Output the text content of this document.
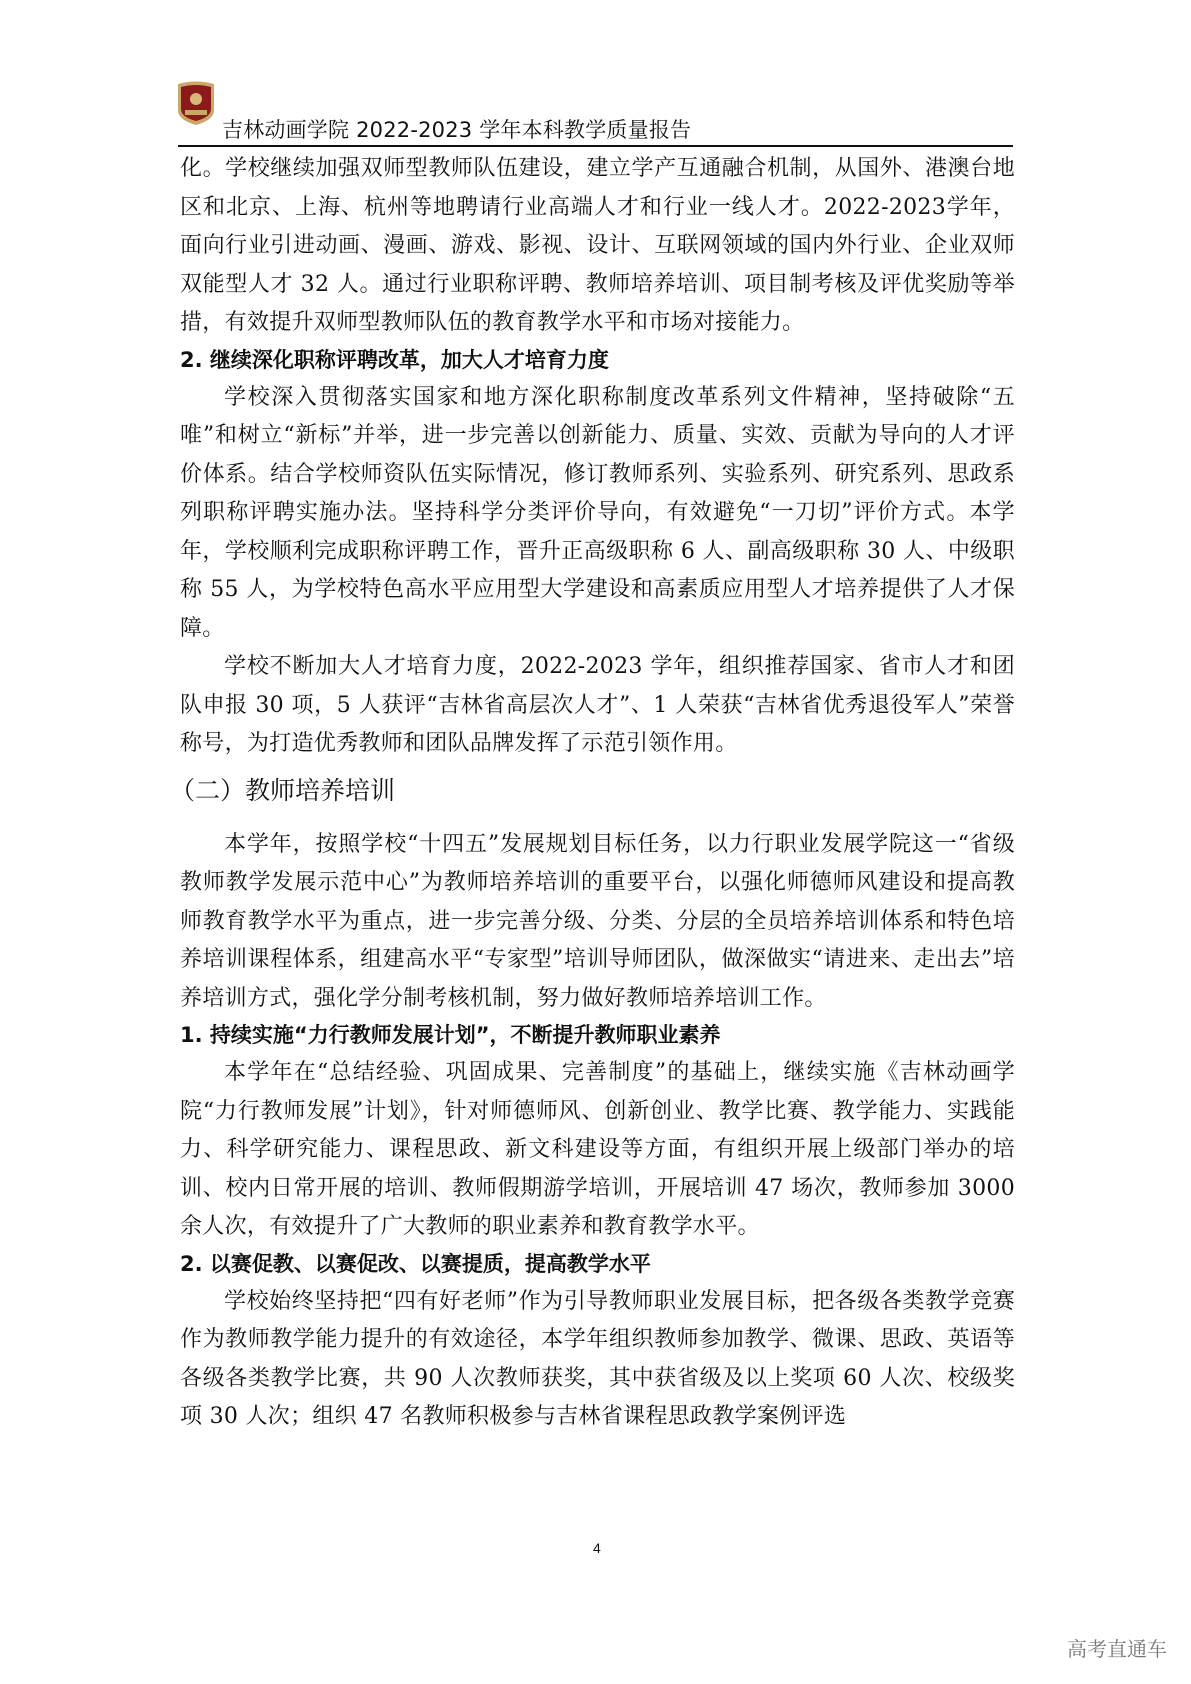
吉林动画学院 2022-2023 学年本科教学质量报告

化。学校继续加强双师型教师队伍建设，建立学产互通融合机制，从国外、港澳台地区和北京、上海、杭州等地聘请行业高端人才和行业一线人才。2022-2023学年，面向行业引进动画、漫画、游戏、影视、设计、互联网领域的国内外行业、企业双师双能型人才 32 人。通过行业职称评聘、教师培养培训、项目制考核及评优奖励等举措，有效提升双师型教师队伍的教育教学水平和市场对接能力。

2. 继续深化职称评聘改革，加大人才培育力度

学校深入贯彻落实国家和地方深化职称制度改革系列文件精神，坚持破除“五唯”和树立“新标”并举，进一步完善以创新能力、质量、实效、贡献为导向的人才评价体系。结合学校师资队伍实际情况，修订教师系列、实验系列、研究系列、思政系列职称评聘实施办法。坚持科学分类评价导向，有效避免“一刀切”评价方式。本学年，学校顺利完成职称评聘工作，晋升正高级职称 6 人、副高级职称 30 人、中级职称 55 人，为学校特色高水平应用型大学建设和高素质应用型人才培养提供了人才保障。

学校不断加大人才培育力度，2022-2023 学年，组织推荐国家、省市人才和团队申报 30 项，5 人获评“吉林省高层次人才”、1 人荣获“吉林省优秀退役军人”荣誉称号，为打造优秀教师和团队品牌发挥了示范引领作用。

（二）教师培养培训

本学年，按照学校“十四五”发展规划目标任务，以力行职业发展学院这一“省级教师教学发展示范中心”为教师培养培训的重要平台，以强化师德师风建设和提高教师教育教学水平为重点，进一步完善分级、分类、分层的全员培养培训体系和特色培养培训课程体系，组建高水平“专家型”培训导师团队，做深做实“请进来、走出去”培养培训方式，强化学分制考核机制，努力做好教师培养培训工作。

1. 持续实施“力行教师发展计划”，不断提升教师职业素养

本学年在“总结经验、巩固成果、完善制度”的基础上，继续实施《吉林动画学院“力行教师发展”计划》，针对师德师风、创新创业、教学比赛、教学能力、实践能力、科学研究能力、课程思政、新文科建设等方面，有组织开展上级部门举办的培训、校内日常开展的培训、教师假期游学培训，开展培训 47 场次，教师参加 3000 余人次，有效提升了广大教师的职业素养和教育教学水平。

2. 以赛促教、以赛促改、以赛提质，提高教学水平

学校始终坚持把“四有好老师”作为引导教师职业发展目标，把各级各类教学竞赛作为教师教学能力提升的有效途径，本学年组织教师参加教学、微课、思政、英语等各级各类教学比赛，共 90 人次教师获奖，其中获省级及以上奖项 60 人次、校级奖项 30 人次；组织 47 名教师积极参与吉林省课程思政教学案例评选

4
高考直通车
